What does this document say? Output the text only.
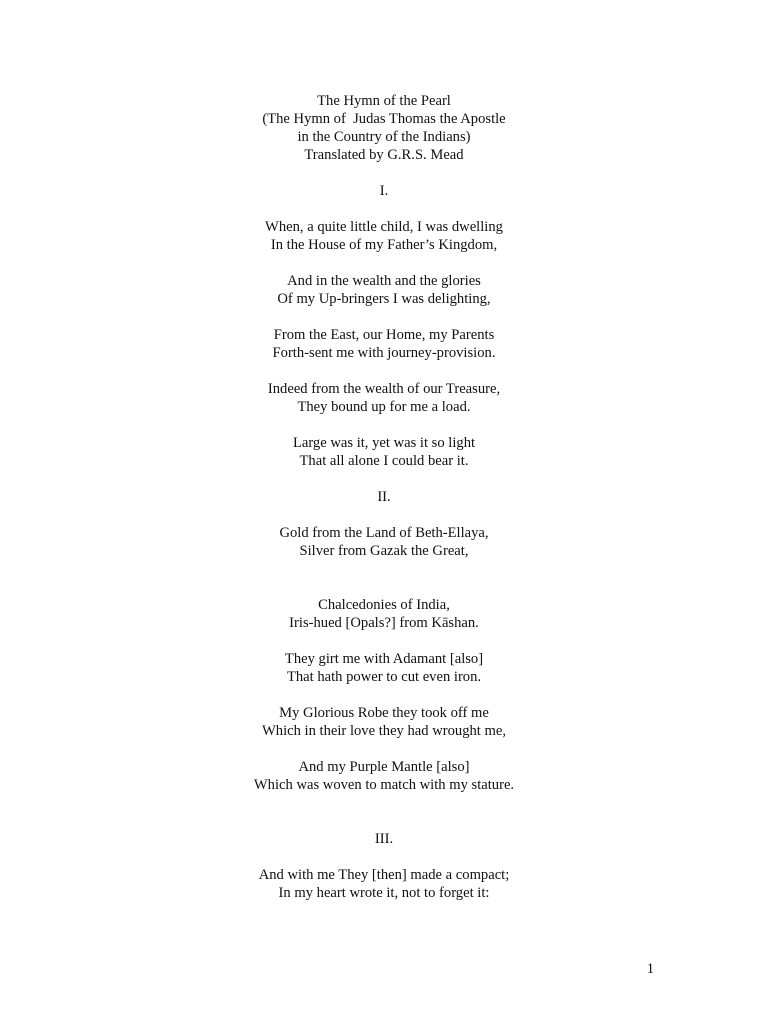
The Hymn of the Pearl
(The Hymn of  Judas Thomas the Apostle
in the Country of the Indians)
Translated by G.R.S. Mead
I.
When, a quite little child, I was dwelling
In the House of my Father’s Kingdom,
And in the wealth and the glories
Of my Up-bringers I was delighting,
From the East, our Home, my Parents
Forth-sent me with journey-provision.
Indeed from the wealth of our Treasure,
They bound up for me a load.
Large was it, yet was it so light
That all alone I could bear it.
II.
Gold from the Land of Beth-Ellaya,
Silver from Gazak the Great,
Chalcedonies of India,
Iris-hued [Opals?] from Kāshan.
They girt me with Adamant [also]
That hath power to cut even iron.
My Glorious Robe they took off me
Which in their love they had wrought me,
And my Purple Mantle [also]
Which was woven to match with my stature.
III.
And with me They [then] made a compact;
In my heart wrote it, not to forget it:
1
